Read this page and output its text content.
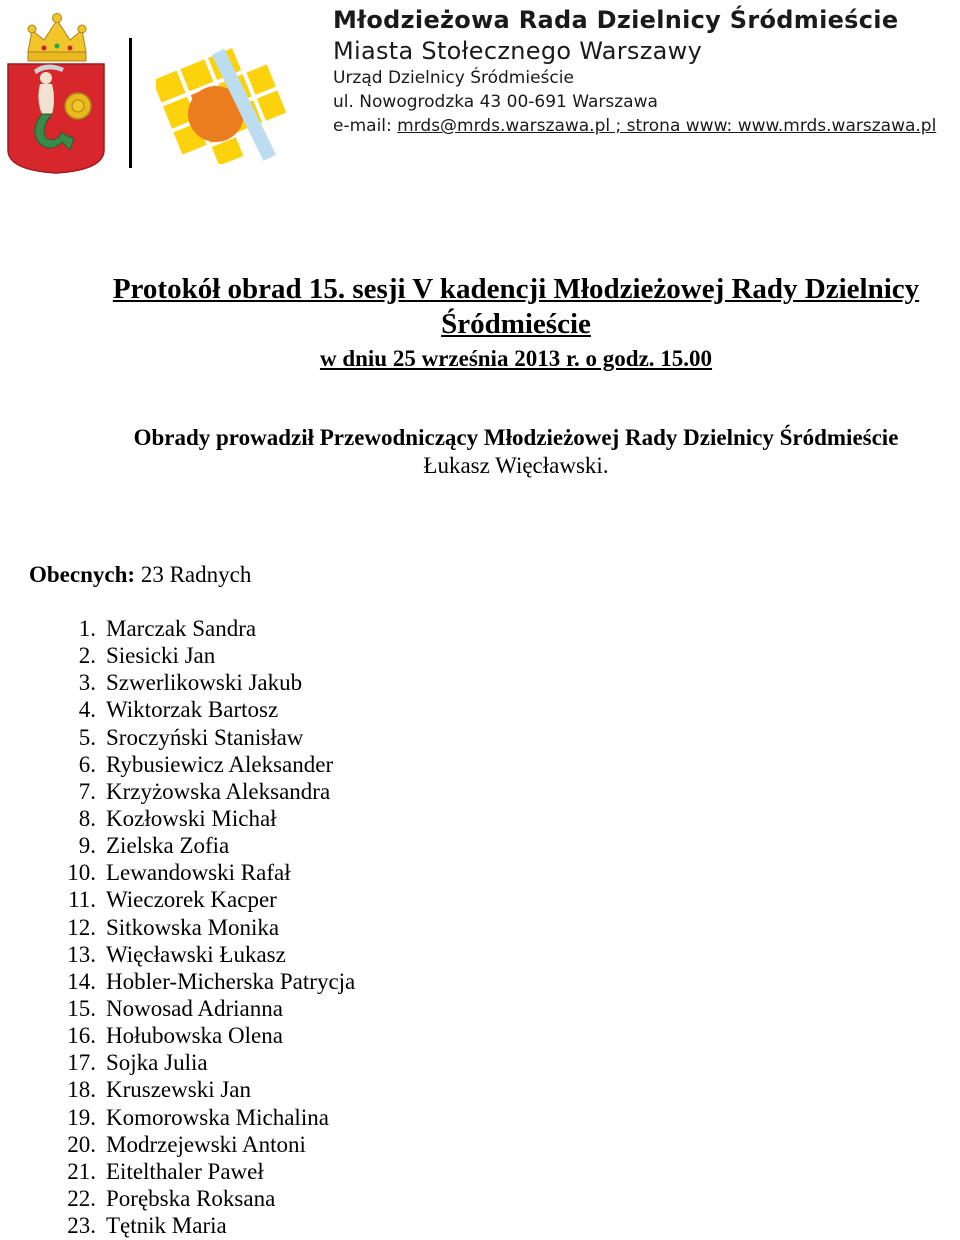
Młodzieżowa Rada Dzielnicy Śródmieście
Miasta Stołecznego Warszawy
Urząd Dzielnicy Śródmieście
ul. Nowogrodzka 43 00-691 Warszawa
e-mail: mrds@mrds.warszawa.pl ; strona www: www.mrds.warszawa.pl
Protokół obrad 15. sesji V kadencji Młodzieżowej Rady Dzielnicy
Śródmieście
w dniu 25 września 2013 r. o godz. 15.00
Obrady prowadził Przewodniczący Młodzieżowej Rady Dzielnicy Śródmieście
Łukasz Więcławski.
Obecnych: 23 Radnych
1. Marczak Sandra
2. Siesicki Jan
3. Szwerlikowski Jakub
4. Wiktorzak Bartosz
5. Sroczyński Stanisław
6. Rybusiewicz Aleksander
7. Krzyżowska Aleksandra
8. Kozłowski Michał
9. Zielska Zofia
10. Lewandowski Rafał
11. Wieczorek Kacper
12. Sitkowska Monika
13. Więcławski Łukasz
14. Hobler-Micherska Patrycja
15. Nowosad Adrianna
16. Hołubowska Olena
17. Sojka Julia
18. Kruszewski Jan
19. Komorowska Michalina
20. Modrzejewski Antoni
21. Eitelthaler Paweł
22. Porębska Roksana
23. Tętnik Maria
